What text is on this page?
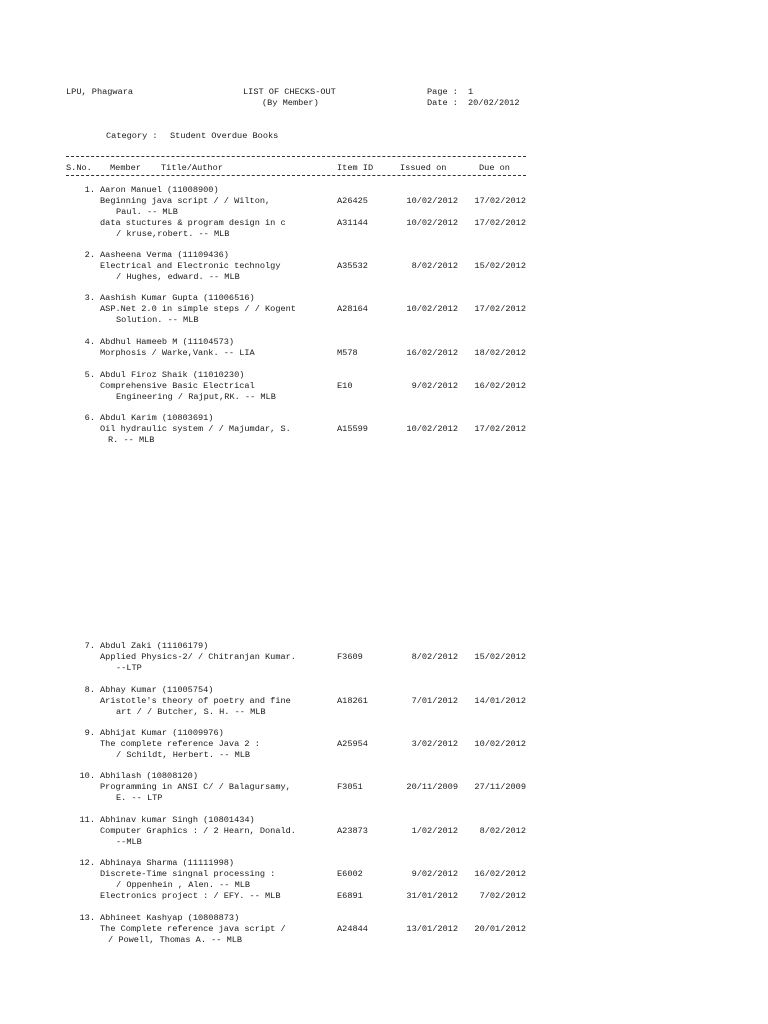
LPU, Phagwara	LIST OF CHECKS-OUT
(By Member)
Page : 1
Date : 20/02/2012
Category : Student Overdue Books
S.No. Member Title/Author	Item ID	Issued on	Due on
1. Aaron Manuel (11008900)
Beginning java script / / Wilton,	A26425	10/02/2012	17/02/2012
Paul. -- MLB
data stuctures & program design in c	A31144	10/02/2012	17/02/2012
/ kruse,robert. -- MLB
2. Aasheena Verma (11109436)
Electrical and Electronic technolgy	A35532	8/02/2012	15/02/2012
/ Hughes, edward. -- MLB
3. Aashish Kumar Gupta (11006516)
ASP.Net 2.0 in simple steps / / Kogent	A28164	10/02/2012	17/02/2012
Solution. -- MLB
4. Abdhul Hameeb M (11104573)
Morphosis / Warke,Vank. -- LIA	M578	16/02/2012	18/02/2012
5. Abdul Firoz Shaik (11010230)
Comprehensive Basic Electrical	E10	9/02/2012	16/02/2012
Engineering / Rajput,RK. -- MLB
6. Abdul Karim (10803691)
Oil hydraulic system / / Majumdar, S.	A15599	10/02/2012	17/02/2012
R. -- MLB
7. Abdul Zaki (11106179)
Applied Physics-2/ / Chitranjan Kumar.	F3609	8/02/2012	15/02/2012
--LTP
8. Abhay Kumar (11005754)
Aristotle's theory of poetry and fine	A18261	7/01/2012	14/01/2012
art / / Butcher, S. H. -- MLB
9. Abhijat Kumar (11009976)
The complete reference Java 2 :	A25954	3/02/2012	10/02/2012
/ Schildt, Herbert. -- MLB
10. Abhilash (10808120)
Programming in ANSI C/ / Balagursamy,	F3051	20/11/2009	27/11/2009
E. -- LTP
11. Abhinav kumar Singh (10801434)
Computer Graphics : / 2 Hearn, Donald.	A23873	1/02/2012	8/02/2012
--MLB
12. Abhinaya Sharma (11111998)
Discrete-Time singnal processing :	E6002	9/02/2012	16/02/2012
/ Oppenhein , Alen. -- MLB
Electronics project : / EFY. -- MLB	E6891	31/01/2012	7/02/2012
13. Abhineet Kashyap (10808873)
The Complete reference java script /	A24844	13/01/2012	20/01/2012
/ Powell, Thomas A. -- MLB
